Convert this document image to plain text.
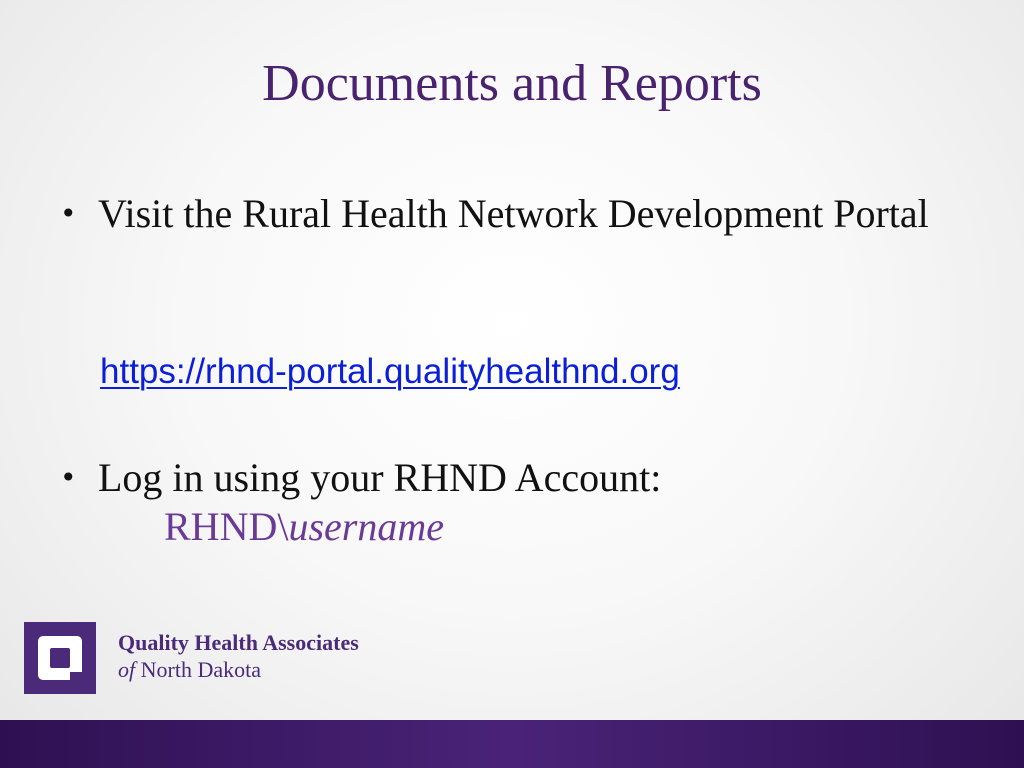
Documents and Reports
• Visit the Rural Health Network Development Portal
https://rhnd-portal.qualityhealthnd.org
• Log in using your RHND Account:
RHND\username
Quality Health Associates
of North Dakota
